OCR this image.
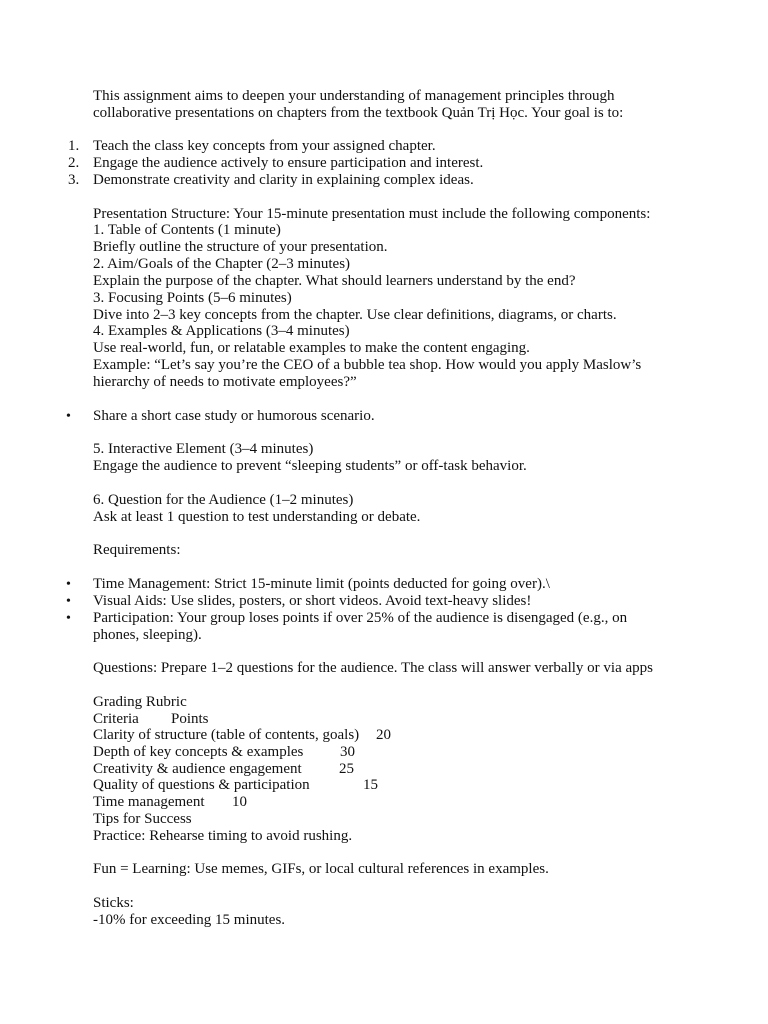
This assignment aims to deepen your understanding of management principles through
collaborative presentations on chapters from the textbook Quản Trị Học. Your goal is to:
1. Teach the class key concepts from your assigned chapter.
2. Engage the audience actively to ensure participation and interest.
3. Demonstrate creativity and clarity in explaining complex ideas.
Presentation Structure: Your 15-minute presentation must include the following components:
1. Table of Contents (1 minute)
Briefly outline the structure of your presentation.
2. Aim/Goals of the Chapter (2–3 minutes)
Explain the purpose of the chapter. What should learners understand by the end?
3. Focusing Points (5–6 minutes)
Dive into 2–3 key concepts from the chapter. Use clear definitions, diagrams, or charts.
4. Examples & Applications (3–4 minutes)
Use real-world, fun, or relatable examples to make the content engaging.
Example: “Let’s say you’re the CEO of a bubble tea shop. How would you apply Maslow’s
hierarchy of needs to motivate employees?”
• Share a short case study or humorous scenario.
5. Interactive Element (3–4 minutes)
Engage the audience to prevent “sleeping students” or off-task behavior.
6. Question for the Audience (1–2 minutes)
Ask at least 1 question to test understanding or debate.
Requirements:
• Time Management: Strict 15-minute limit (points deducted for going over).\
• Visual Aids: Use slides, posters, or short videos. Avoid text-heavy slides!
• Participation: Your group loses points if over 25% of the audience is disengaged (e.g., on
phones, sleeping).
Questions: Prepare 1–2 questions for the audience. The class will answer verbally or via apps
Grading Rubric
Criteria Points
Clarity of structure (table of contents, goals) 20
Depth of key concepts & examples 30
Creativity & audience engagement 25
Quality of questions & participation	15
Time management 10
Tips for Success
Practice: Rehearse timing to avoid rushing.
Fun = Learning: Use memes, GIFs, or local cultural references in examples.
Sticks:
-10% for exceeding 15 minutes.
